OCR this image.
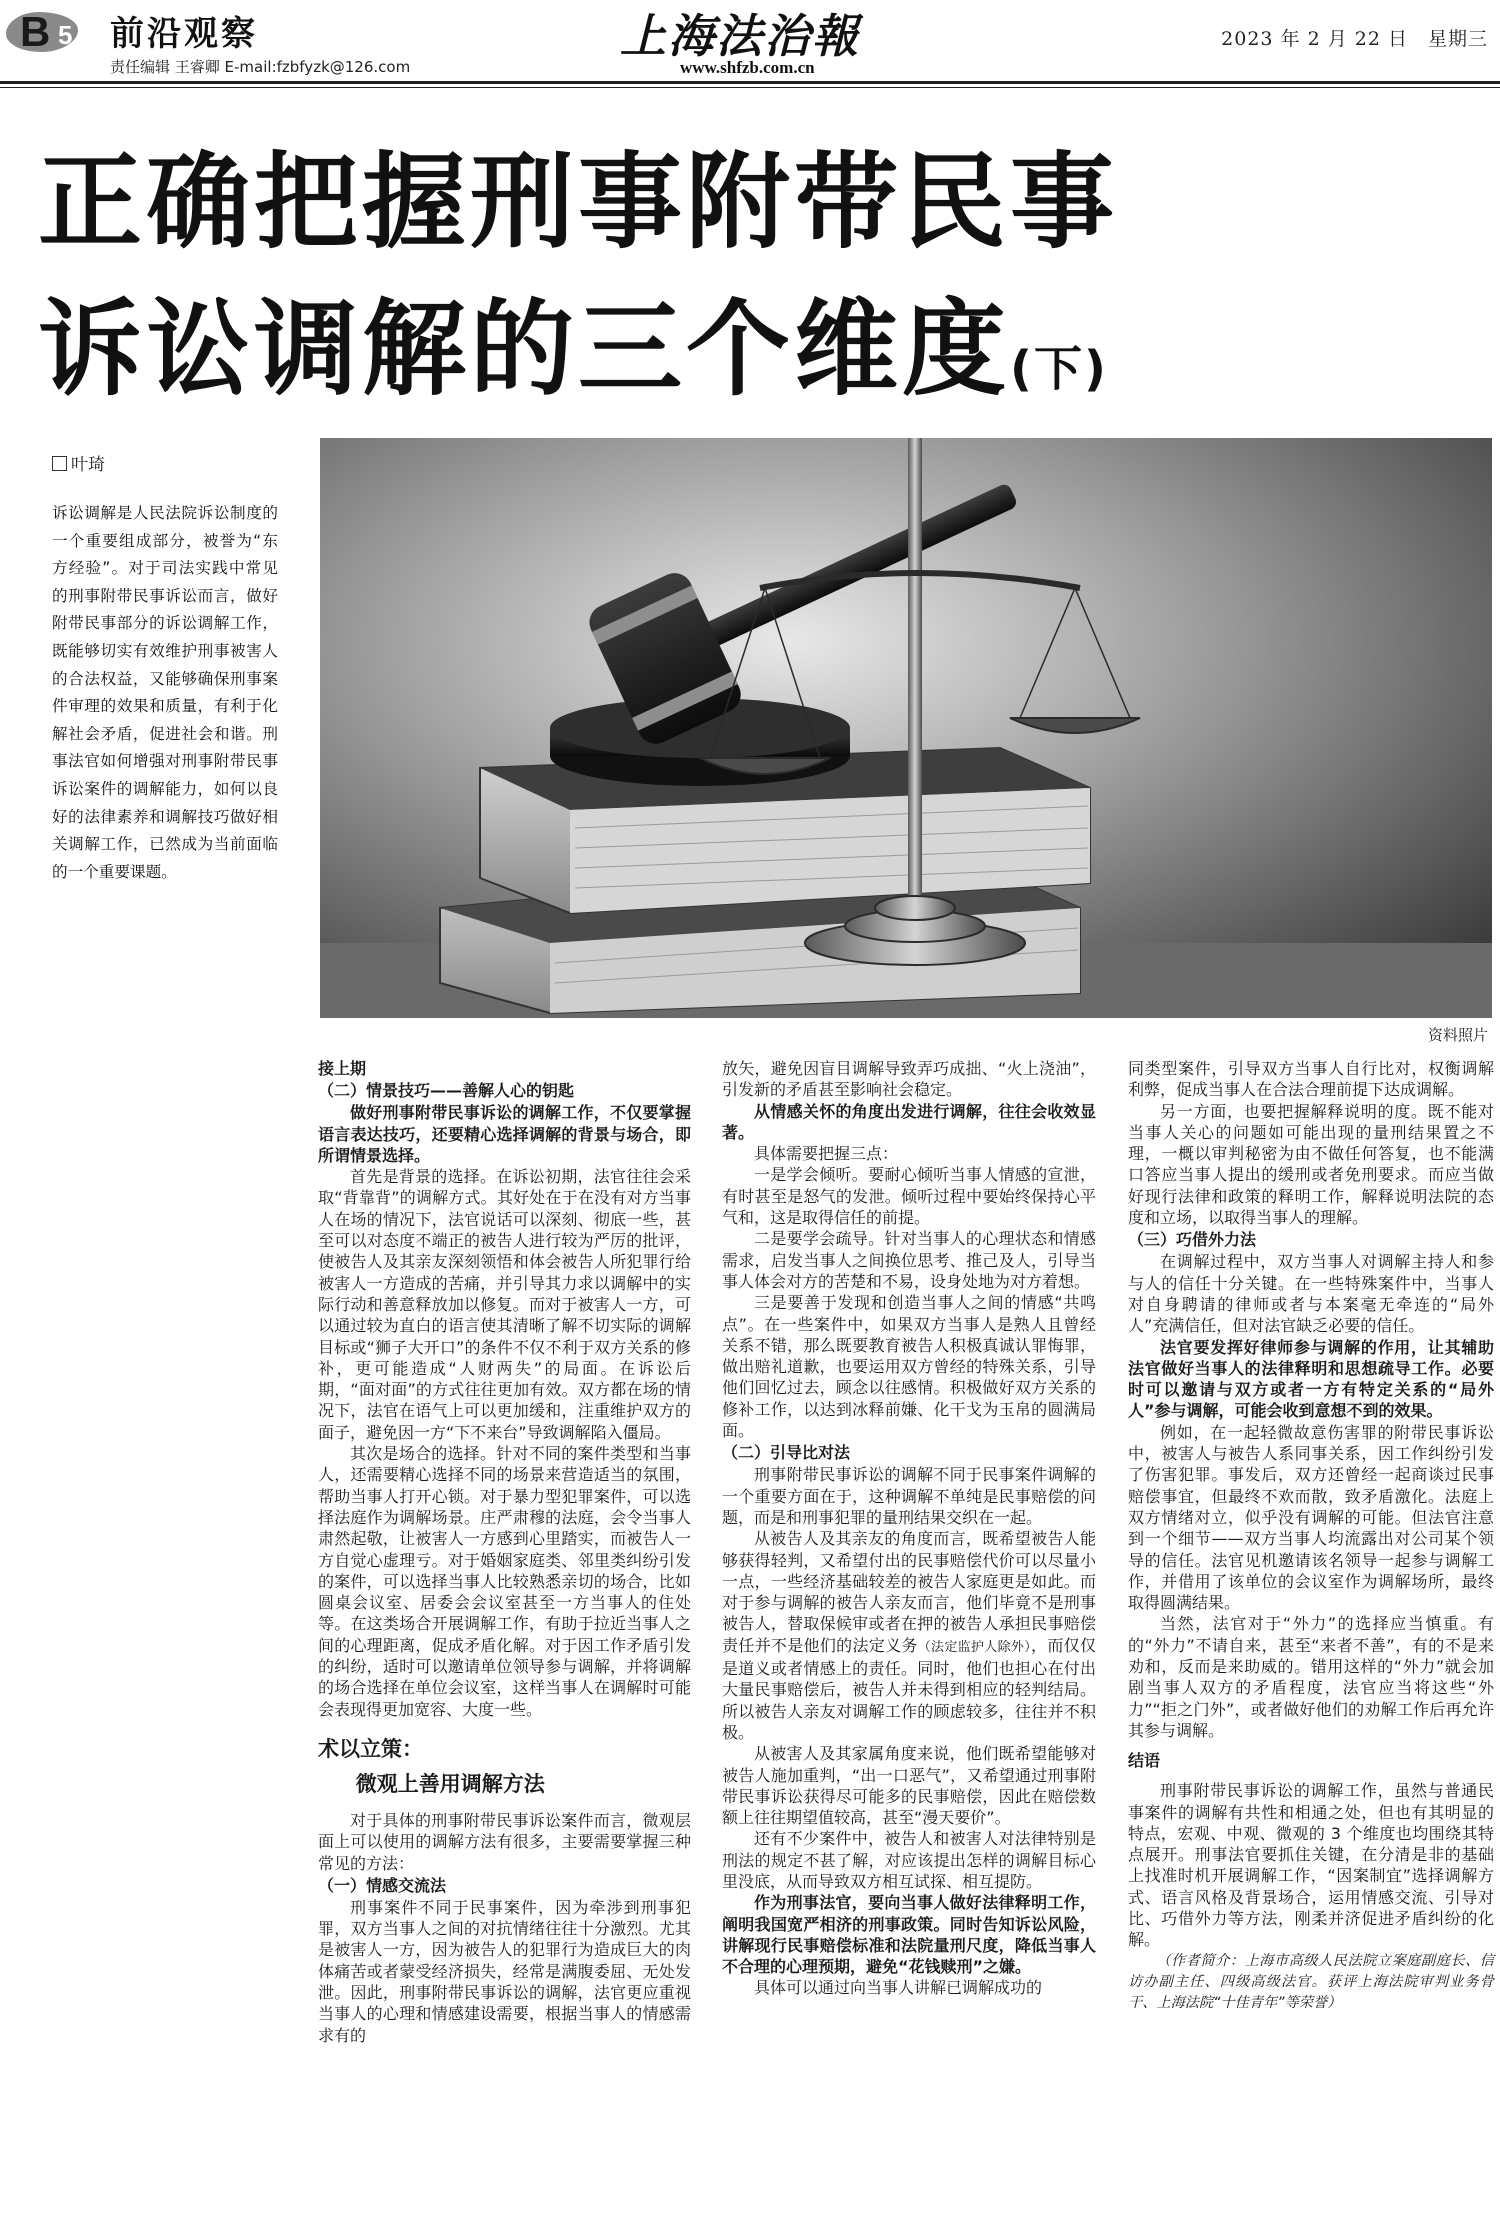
B 5 前沿观察
责任编辑 王睿卿 E-mail:fzbfyzk@126.com
上海法治報
www.shfzb.com.cn
2023 年 2 月 22 日　星期三
正确把握刑事附带民事
诉讼调解的三个维度(下)
叶琦
诉讼调解是人民法院诉讼制度的一个重要组成部分，被誉为“东方经验”。对于司法实践中常见的刑事附带民事诉讼而言，做好附带民事部分的诉讼调解工作，既能够切实有效维护刑事被害人的合法权益，又能够确保刑事案件审理的效果和质量，有利于化解社会矛盾，促进社会和谐。刑事法官如何增强对刑事附带民事诉讼案件的调解能力，如何以良好的法律素养和调解技巧做好相关调解工作，已然成为当前面临的一个重要课题。
资料照片

接上期

（二）情景技巧——善解人心的钥匙

做好刑事附带民事诉讼的调解工作，不仅要掌握语言表达技巧，还要精心选择调解的背景与场合，即所谓情景选择。

首先是背景的选择。在诉讼初期，法官往往会采取“背靠背”的调解方式。其好处在于在没有对方当事人在场的情况下，法官说话可以深刻、彻底一些，甚至可以对态度不端正的被告人进行较为严厉的批评，使被告人及其亲友深刻领悟和体会被告人所犯罪行给被害人一方造成的苦痛，并引导其力求以调解中的实际行动和善意释放加以修复。而对于被害人一方，可以通过较为直白的语言使其清晰了解不切实际的调解目标或“狮子大开口”的条件不仅不利于双方关系的修补，更可能造成“人财两失”的局面。在诉讼后期，“面对面”的方式往往更加有效。双方都在场的情况下，法官在语气上可以更加缓和，注重维护双方的面子，避免因一方“下不来台”导致调解陷入僵局。

其次是场合的选择。针对不同的案件类型和当事人，还需要精心选择不同的场景来营造适当的氛围，帮助当事人打开心锁。对于暴力型犯罪案件，可以选择法庭作为调解场景。庄严肃穆的法庭，会令当事人肃然起敬，让被害人一方感到心里踏实，而被告人一方自觉心虚理亏。对于婚姻家庭类、邻里类纠纷引发的案件，可以选择当事人比较熟悉亲切的场合，比如圆桌会议室、居委会会议室甚至一方当事人的住处等。在这类场合开展调解工作，有助于拉近当事人之间的心理距离，促成矛盾化解。对于因工作矛盾引发的纠纷，适时可以邀请单位领导参与调解，并将调解的场合选择在单位会议室，这样当事人在调解时可能会表现得更加宽容、大度一些。

术以立策：
微观上善用调解方法

对于具体的刑事附带民事诉讼案件而言，微观层面上可以使用的调解方法有很多，主要需要掌握三种常见的方法：

（一）情感交流法

刑事案件不同于民事案件，因为牵涉到刑事犯罪，双方当事人之间的对抗情绪往往十分激烈。尤其是被害人一方，因为被告人的犯罪行为造成巨大的肉体痛苦或者蒙受经济损失，经常是满腹委屈、无处发泄。因此，刑事附带民事诉讼的调解，法官更应重视当事人的心理和情感建设需要，根据当事人的情感需求有的

放矢，避免因盲目调解导致弄巧成拙、“火上浇油”，引发新的矛盾甚至影响社会稳定。

从情感关怀的角度出发进行调解，往往会收效显著。

具体需要把握三点：

一是学会倾听。要耐心倾听当事人情感的宣泄，有时甚至是怒气的发泄。倾听过程中要始终保持心平气和，这是取得信任的前提。

二是要学会疏导。针对当事人的心理状态和情感需求，启发当事人之间换位思考、推己及人，引导当事人体会对方的苦楚和不易，设身处地为对方着想。

三是要善于发现和创造当事人之间的情感“共鸣点”。在一些案件中，如果双方当事人是熟人且曾经关系不错，那么既要教育被告人积极真诚认罪悔罪，做出赔礼道歉，也要运用双方曾经的特殊关系，引导他们回忆过去，顾念以往感情。积极做好双方关系的修补工作，以达到冰释前嫌、化干戈为玉帛的圆满局面。

（二）引导比对法

刑事附带民事诉讼的调解不同于民事案件调解的一个重要方面在于，这种调解不单纯是民事赔偿的问题，而是和刑事犯罪的量刑结果交织在一起。

从被告人及其亲友的角度而言，既希望被告人能够获得轻判，又希望付出的民事赔偿代价可以尽量小一点，一些经济基础较差的被告人家庭更是如此。而对于参与调解的被告人亲友而言，他们毕竟不是刑事被告人，替取保候审或者在押的被告人承担民事赔偿责任并不是他们的法定义务（法定监护人除外），而仅仅是道义或者情感上的责任。同时，他们也担心在付出大量民事赔偿后，被告人并未得到相应的轻判结局。所以被告人亲友对调解工作的顾虑较多，往往并不积极。

从被害人及其家属角度来说，他们既希望能够对被告人施加重判，“出一口恶气”，又希望通过刑事附带民事诉讼获得尽可能多的民事赔偿，因此在赔偿数额上往往期望值较高，甚至“漫天要价”。

还有不少案件中，被告人和被害人对法律特别是刑法的规定不甚了解，对应该提出怎样的调解目标心里没底，从而导致双方相互试探、相互提防。

作为刑事法官，要向当事人做好法律释明工作，阐明我国宽严相济的刑事政策。同时告知诉讼风险，讲解现行民事赔偿标准和法院量刑尺度，降低当事人不合理的心理预期，避免“花钱赎刑”之嫌。

具体可以通过向当事人讲解已调解成功的

同类型案件，引导双方当事人自行比对，权衡调解利弊，促成当事人在合法合理前提下达成调解。

另一方面，也要把握解释说明的度。既不能对当事人关心的问题如可能出现的量刑结果置之不理，一概以审判秘密为由不做任何答复，也不能满口答应当事人提出的缓刑或者免刑要求。而应当做好现行法律和政策的释明工作，解释说明法院的态度和立场，以取得当事人的理解。

（三）巧借外力法

在调解过程中，双方当事人对调解主持人和参与人的信任十分关键。在一些特殊案件中，当事人对自身聘请的律师或者与本案毫无牵连的“局外人”充满信任，但对法官缺乏必要的信任。

法官要发挥好律师参与调解的作用，让其辅助法官做好当事人的法律释明和思想疏导工作。必要时可以邀请与双方或者一方有特定关系的“局外人”参与调解，可能会收到意想不到的效果。

例如，在一起轻微故意伤害罪的附带民事诉讼中，被害人与被告人系同事关系，因工作纠纷引发了伤害犯罪。事发后，双方还曾经一起商谈过民事赔偿事宜，但最终不欢而散，致矛盾激化。法庭上双方情绪对立，似乎没有调解的可能。但法官注意到一个细节——双方当事人均流露出对公司某个领导的信任。法官见机邀请该名领导一起参与调解工作，并借用了该单位的会议室作为调解场所，最终取得圆满结果。

当然，法官对于“外力”的选择应当慎重。有的“外力”不请自来，甚至“来者不善”，有的不是来劝和，反而是来助威的。错用这样的“外力”就会加剧当事人双方的矛盾程度，法官应当将这些“外力”“拒之门外”，或者做好他们的劝解工作后再允许其参与调解。

结语

刑事附带民事诉讼的调解工作，虽然与普通民事案件的调解有共性和相通之处，但也有其明显的特点，宏观、中观、微观的 3 个维度也均围绕其特点展开。刑事法官要抓住关键，在分清是非的基础上找准时机开展调解工作，“因案制宜”选择调解方式、语言风格及背景场合，运用情感交流、引导对比、巧借外力等方法，刚柔并济促进矛盾纠纷的化解。

（作者简介：上海市高级人民法院立案庭副庭长、信访办副主任、四级高级法官。获评上海法院审判业务骨干、上海法院“十佳青年”等荣誉）
